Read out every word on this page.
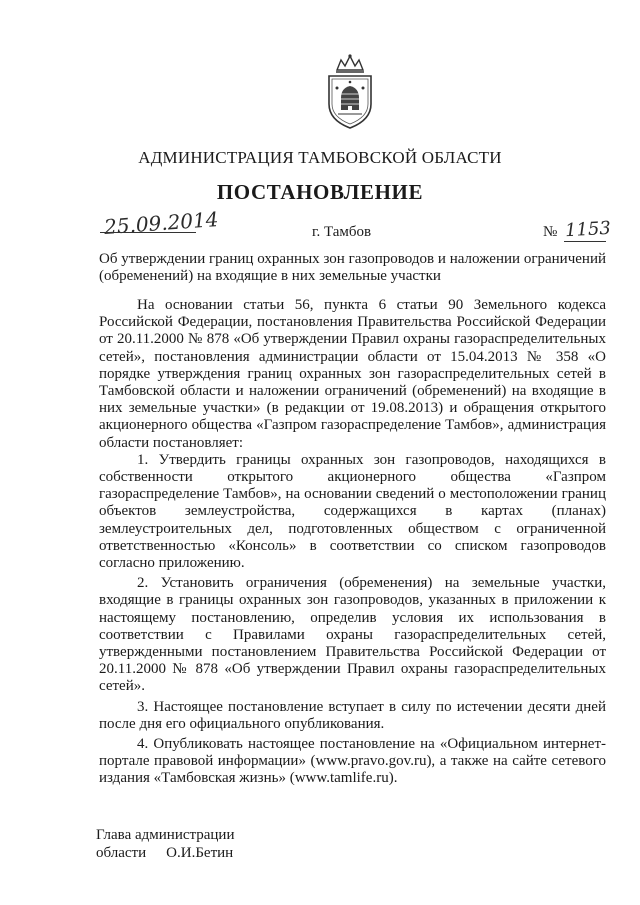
АДМИНИСТРАЦИЯ ТАМБОВСКОЙ ОБЛАСТИ
ПОСТАНОВЛЕНИЕ
25.09.2014	г. Тамбов	№ 1153
Об утверждении границ охранных зон газопроводов и наложении ограничений (обременений) на входящие в них земельные участки

На основании статьи 56, пункта 6 статьи 90 Земельного кодекса Российской Федерации, постановления Правительства Российской Федерации от 20.11.2000 № 878 «Об утверждении Правил охраны газораспределительных сетей», постановления администрации области от 15.04.2013 № 358 «О порядке утверждения границ охранных зон газораспределительных сетей в Тамбовской области и наложении ограничений (обременений) на входящие в них земельные участки» (в редакции от 19.08.2013) и обращения открытого акционерного общества «Газпром газораспределение Тамбов», администрация области постановляет:

1. Утвердить границы охранных зон газопроводов, находящихся в собственности открытого акционерного общества «Газпром газораспределение Тамбов», на основании сведений о местоположении границ объектов землеустройства, содержащихся в картах (планах) землеустроительных дел, подготовленных обществом с ограниченной ответственностью «Консоль» в соответствии со списком газопроводов согласно приложению.

2. Установить ограничения (обременения) на земельные участки, входящие в границы охранных зон газопроводов, указанных в приложении к настоящему постановлению, определив условия их использования в соответствии с Правилами охраны газораспределительных сетей, утвержденными постановлением Правительства Российской Федерации от 20.11.2000 № 878 «Об утверждении Правил охраны газораспределительных сетей».

3. Настоящее постановление вступает в силу по истечении десяти дней после дня его официального опубликования.

4. Опубликовать настоящее постановление на «Официальном интернет-портале правовой информации» (www.pravo.gov.ru), а также на сайте сетевого издания «Тамбовская жизнь» (www.tamlife.ru).

Глава администрации
области О.И.Бетин
